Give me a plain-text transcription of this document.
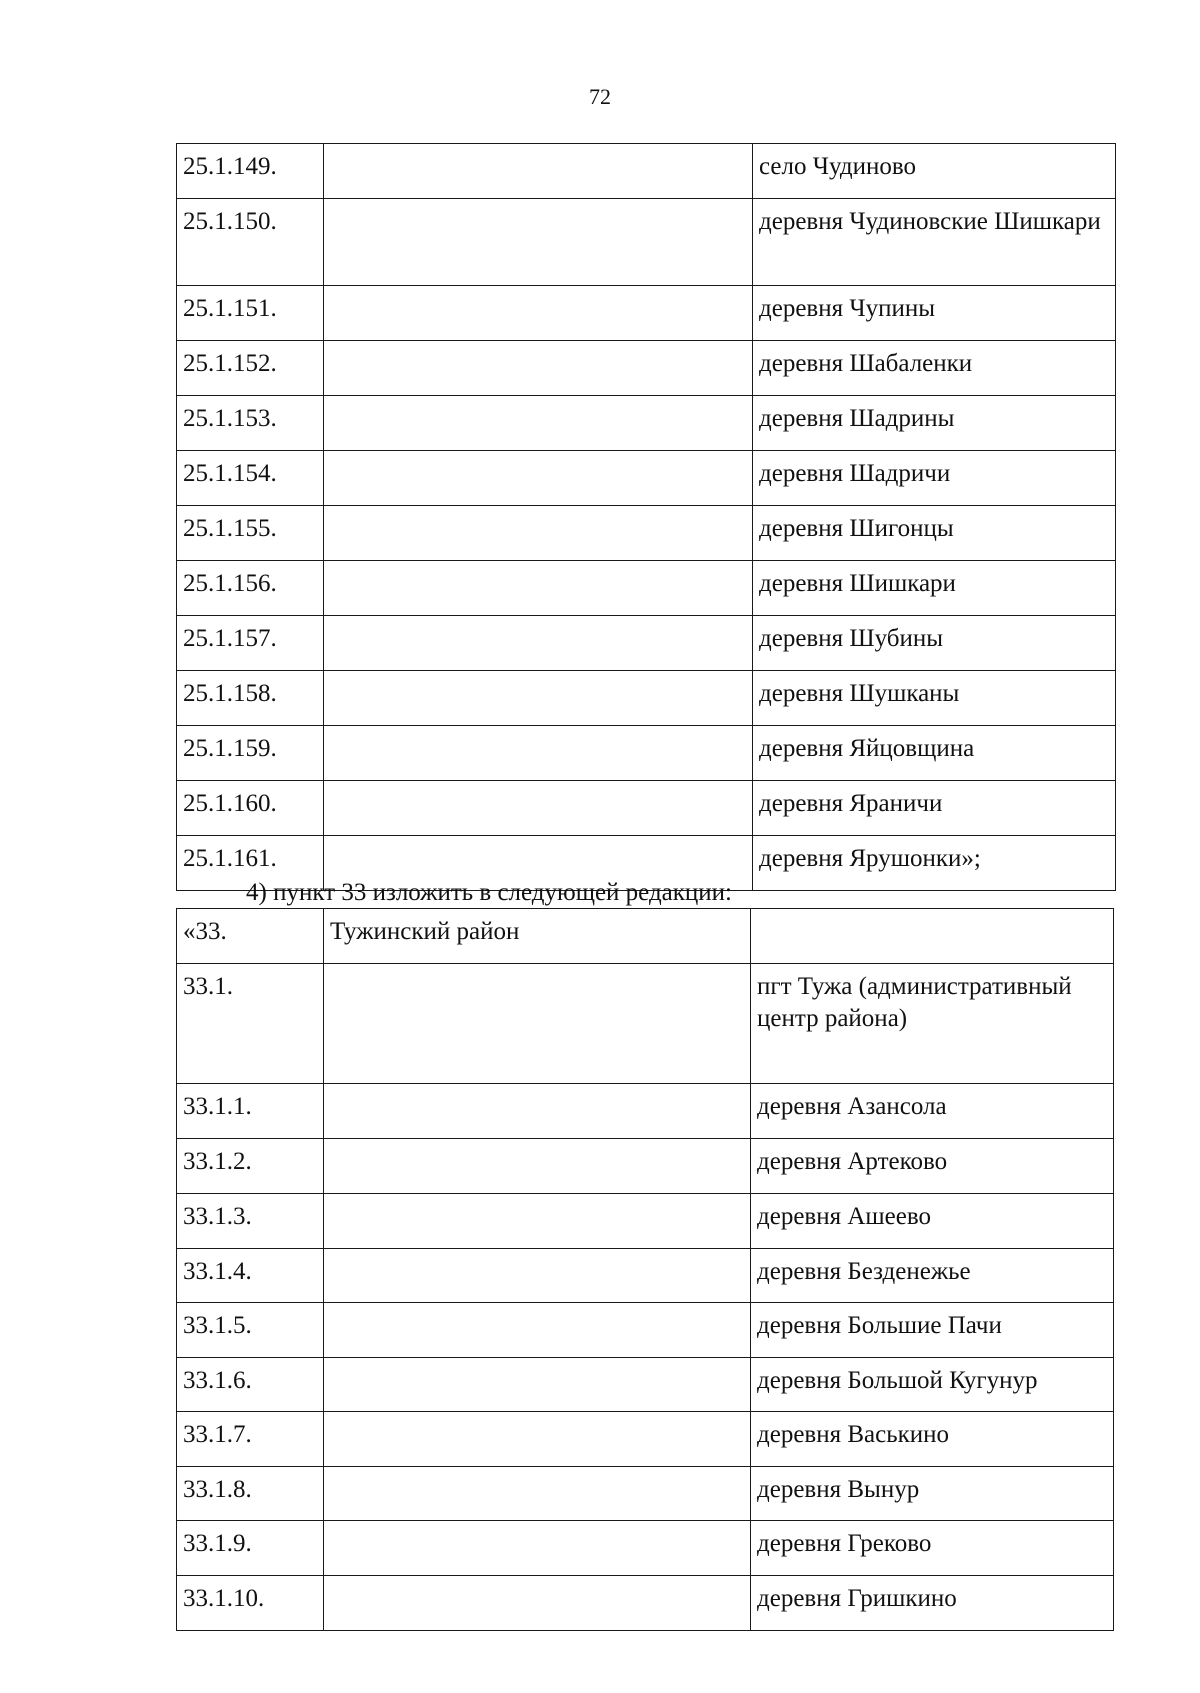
72
25.1.149.		село Чудиново
25.1.150.		деревня Чудиновские Шишкари
25.1.151.		деревня Чупины
25.1.152.		деревня Шабаленки
25.1.153.		деревня Шадрины
25.1.154.		деревня Шадричи
25.1.155.		деревня Шигонцы
25.1.156.		деревня Шишкари
25.1.157.		деревня Шубины
25.1.158.		деревня Шушканы
25.1.159.		деревня Яйцовщина
25.1.160.		деревня Яраничи
25.1.161.		деревня Ярушонки»;
4) пункт 33 изложить в следующей редакции:
«33.	Тужинский район	
33.1.		пгт Тужа (административный центр района)
33.1.1.		деревня Азансола
33.1.2.		деревня Артеково
33.1.3.		деревня Ашеево
33.1.4.		деревня Безденежье
33.1.5.		деревня Большие Пачи
33.1.6.		деревня Большой Кугунур
33.1.7.		деревня Васькино
33.1.8.		деревня Вынур
33.1.9.		деревня Греково
33.1.10.		деревня Гришкино
